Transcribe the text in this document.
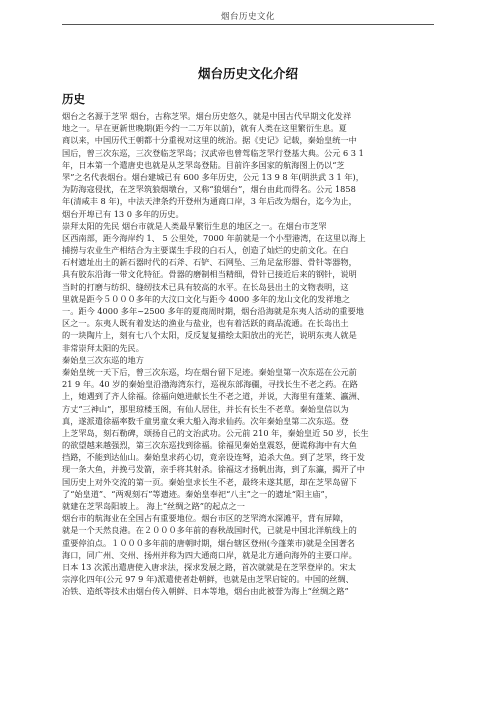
烟台历史文化
烟台历史文化介绍
历史
烟台之名源于芝罘 烟台，古称芝罘。烟台历史悠久，就是中国古代早期文化发祥
地之一。早在更新世晚期(距今约一二万年以前)，就有人类在这里繁衍生息。夏
商以来，中国历代王朝都十分重视对这里的统治。据《史记》记载，秦始皇统一中
国后，曾三次东巡，三次登临芝罘岛；汉武帝也曾驾临芝罘行登基大典。公元 6 3 1
年，日本第一个遣唐史也就是从芝罘岛登陆。目前许多国家的航海图上仍以“芝
罘”之名代表烟台。烟台建城已有 600 多年历史，公元 13 9 8 年(明洪武 3 1 年)，
为防海寇侵扰，在芝罘筑狼烟墩台，又称“狼烟台”，烟台由此而得名。公元 1858
年(清咸丰 8 年)，中法天津条约开登州为通商口岸，3 年后改为烟台，迄今为止，
烟台开埠已有 13 0 多年的历史。
崇拜太阳的先民 烟台市就是人类最早繁衍生息的地区之一。在烟台市芝罘
区西南部，距今海岸约 1、 5 公里处，7000 年前就是一个小型港湾，在这里以海上
捕捞与农业生产相结合为主要谋生手段的白石人，创造了灿烂的史前文化。在白
石村遗址出土的新石器时代的石斧、石铲、石网坠、三角足盆形器、骨针等器物，
具有胶东沿海一带文化特征。骨器的磨制相当精细，骨针已接近后来的钢针，说明
当时的打磨与纺织、缝纫技术已具有较高的水平。在长岛县出土的文物表明，这
里就是距今５０００多年的大汶口文化与距今 4000 多年的龙山文化的发祥地之
一。距今 4000 多年~2500 多年的夏商周时期，烟台沿海就是东夷人活动的重要地
区之一。东夷人既有着发达的渔业与盐业，也有着活跃的商品流通。在长岛出土
的一块陶片上，刻有七八个太阳，反反复复描绘太阳放出的光芒，说明东夷人就是
非常崇拜太阳的先民。
秦始皇三次东巡的地方
秦始皇统一天下后，曾三次东巡，均在烟台留下足迹。秦始皇第一次东巡在公元前
21 9 年。40 岁的秦始皇沿渤海湾东行，巡视东部海疆，寻找长生不老之药。在路
上，她遇到了齐人徐福。徐福向她进献长生不老之道，并说，大海里有蓬莱、瀛洲、
方丈“三神山”，那里琼楼玉阁，有仙人居住，并长有长生不老草。秦始皇信以为
真，遂派遣徐福率数千童男童女乘大船入海求仙药。次年秦始皇第二次东巡。登
上芝罘岛，刻石勒碑，颂扬自己的文治武功。公元前 210 年，秦始皇近 50 岁，长生
的欲望越来越强烈，第三次东巡找到徐福。徐福见秦始皇震怒，便谎称海中有大鱼
挡路，不能到达仙山。秦始皇求药心切，竟亲设连弩，追杀大鱼。到了芝罘，终于发
现一条大鱼，并挽弓发箭，亲手将其射杀。徐福这才扬帆出海，到了东瀛，揭开了中
国历史上对外交流的第一页。秦始皇求长生不老，最终未遂其愿，却在芝罘岛留下
了“始皇道”、“两观刻石”等遗迹。秦始皇奉祀“八主”之一的遗址“阳主庙”，
就建在芝罘岛阳坡上。 海上“丝绸之路”的起点之一
烟台市的航海业在全国占有重要地位。烟台市区的芝罘湾水深滩平，背有屏障，
就是一个天然良港。在２０００多年前的春秋战国时代，已就是中国北洋航线上的
重要停泊点。１０００多年前的唐朝时期，烟台辖区登州(今蓬莱市)就是全国著名
海口，同广州、交州、扬州并称为四大通商口岸，就是北方通向海外的主要口岸。
日本 13 次派出遣唐使入唐求法，探求发展之路，首次就就是在芝罘登岸的。宋太
宗淳化四年(公元 97 9 年)派遣使者赴朝鲜，也就是由芝罘启锭的。中国的丝绸、
冶铁、造纸等技术由烟台传入朝鲜、日本等地，烟台由此被誉为海上“丝绸之路”
